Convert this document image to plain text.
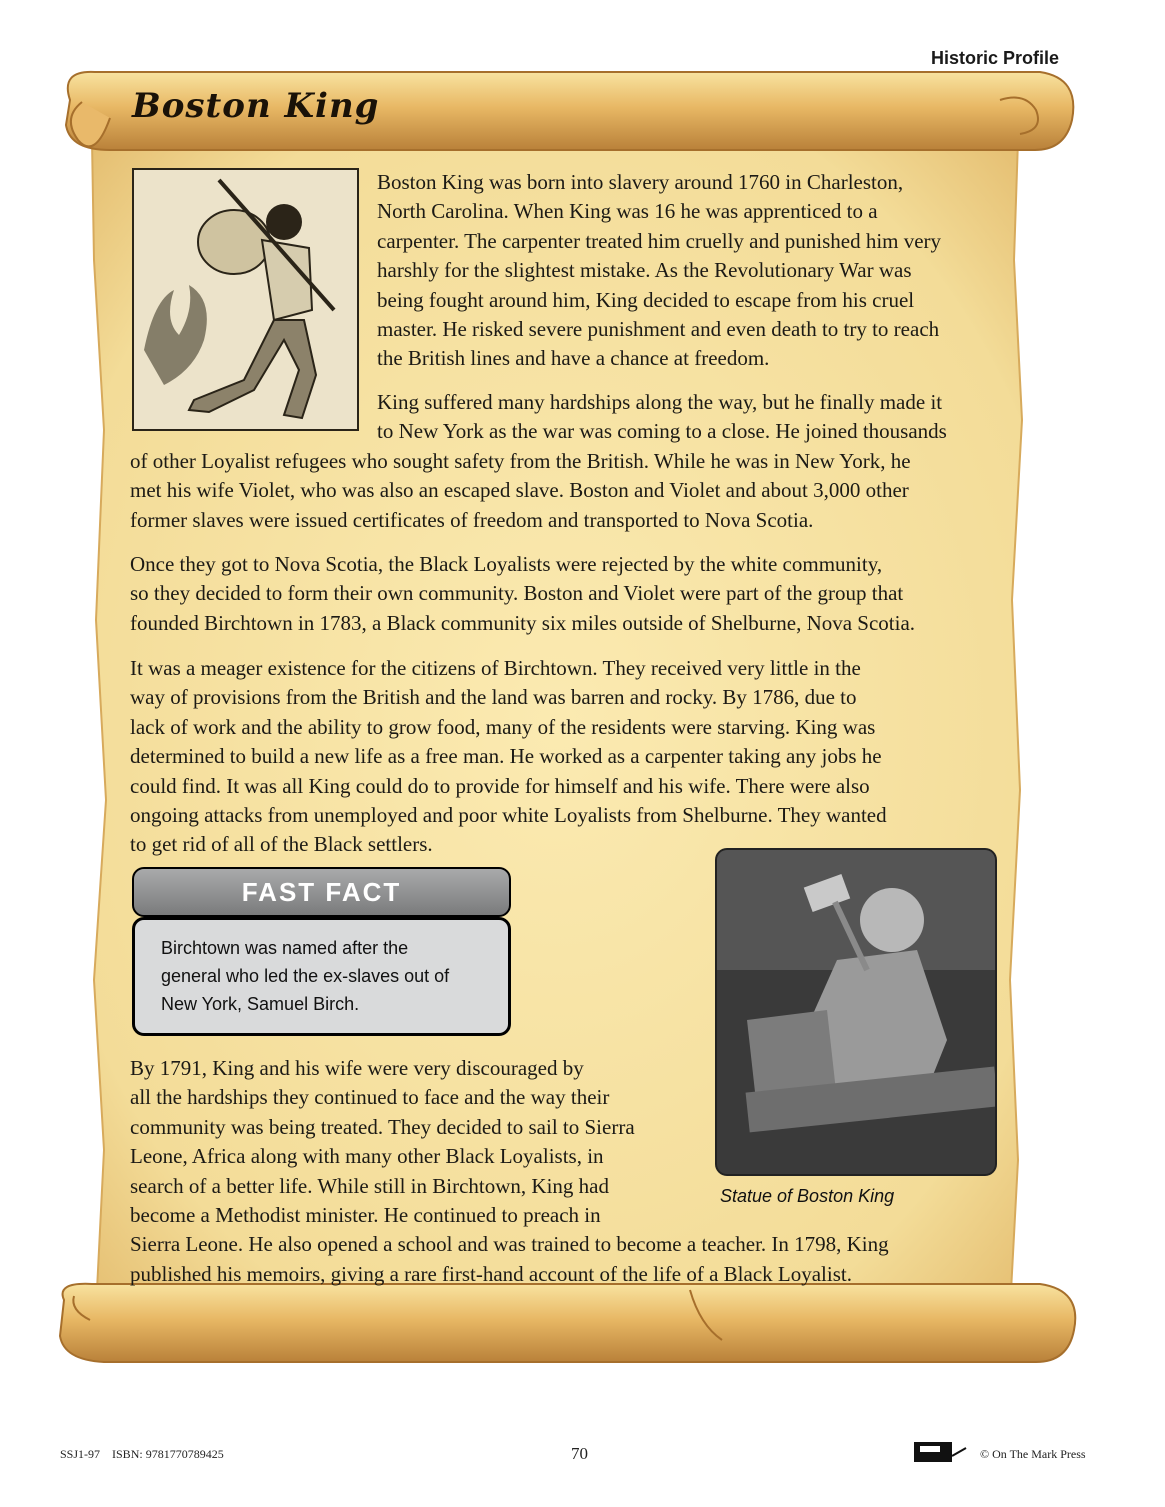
Historic Profile
Boston King
Boston King was born into slavery around 1760 in Charleston,
North Carolina. When King was 16 he was apprenticed to a
carpenter. The carpenter treated him cruelly and punished him very
harshly for the slightest mistake. As the Revolutionary War was
being fought around him, King decided to escape from his cruel
master. He risked severe punishment and even death to try to reach
the British lines and have a chance at freedom.
King suffered many hardships along the way, but he finally made it
to New York as the war was coming to a close. He joined thousands
of other Loyalist refugees who sought safety from the British. While he was in New York, he
met his wife Violet, who was also an escaped slave. Boston and Violet and about 3,000 other
former slaves were issued certificates of freedom and transported to Nova Scotia.
Once they got to Nova Scotia, the Black Loyalists were rejected by the white community,
so they decided to form their own community. Boston and Violet were part of the group that
founded Birchtown in 1783, a Black community six miles outside of Shelburne, Nova Scotia.
It was a meager existence for the citizens of Birchtown. They received very little in the
way of provisions from the British and the land was barren and rocky. By 1786, due to
lack of work and the ability to grow food, many of the residents were starving. King was
determined to build a new life as a free man. He worked as a carpenter taking any jobs he
could find. It was all King could do to provide for himself and his wife. There were also
ongoing attacks from unemployed and poor white Loyalists from Shelburne. They wanted
to get rid of all of the Black settlers.
FAST FACT
Birchtown was named after the
general who led the ex-slaves out of
New York, Samuel Birch.
Statue of Boston King
By 1791, King and his wife were very discouraged by
all the hardships they continued to face and the way their
community was being treated. They decided to sail to Sierra
Leone, Africa along with many other Black Loyalists, in
search of a better life. While still in Birchtown, King had
become a Methodist minister. He continued to preach in
Sierra Leone. He also opened a school and was trained to become a teacher. In 1798, King
published his memoirs, giving a rare first-hand account of the life of a Black Loyalist.
SSJ1-97 ISBN: 9781770789425	70	© On The Mark Press
